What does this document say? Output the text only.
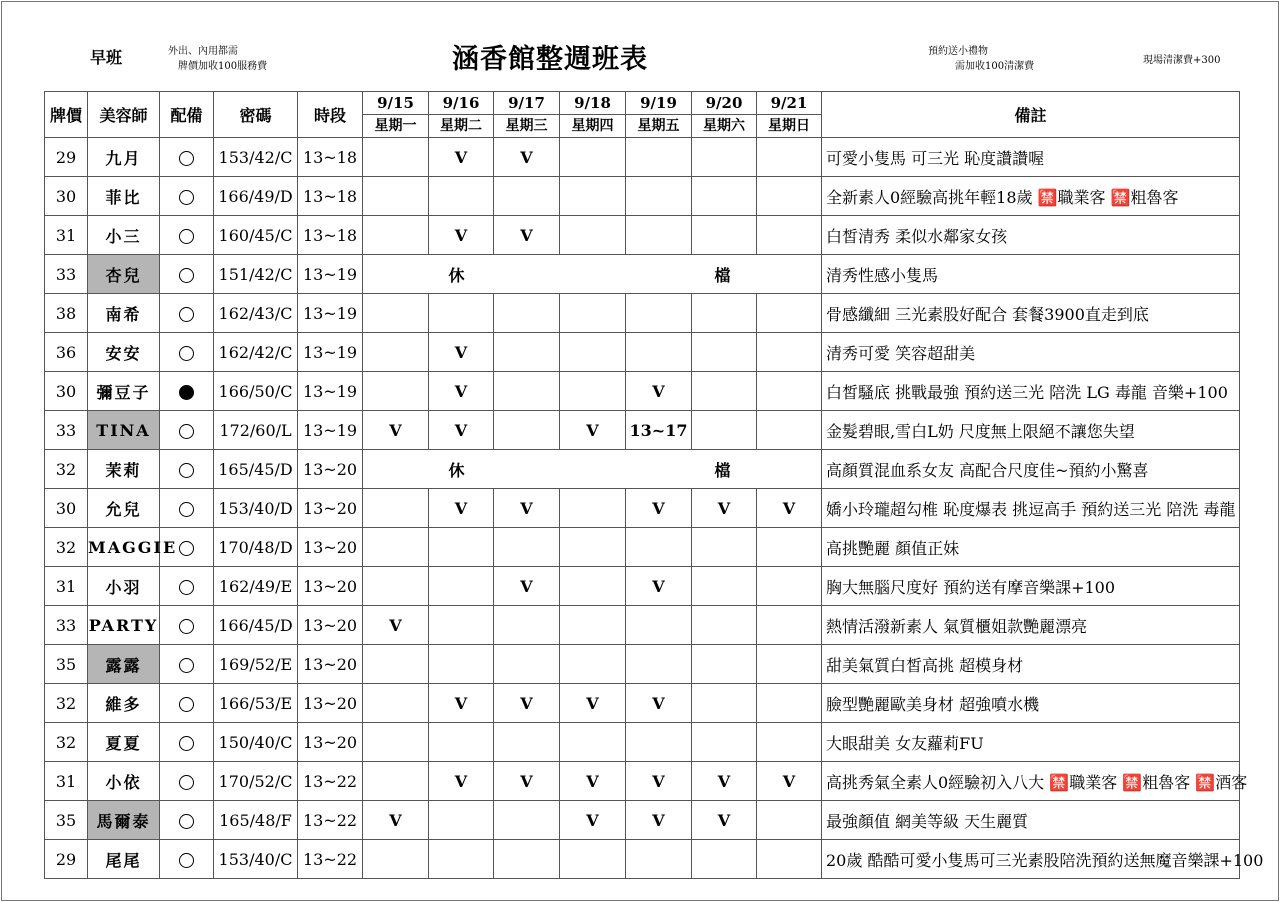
早班	外出、內用都需
牌價加收100服務費	涵香館整週班表	預約送小禮物
需加收100清潔費
現場清潔費+300
牌價	美容師	配備	密碼	時段	9/15	9/16	9/17	9/18	9/19	9/20	9/21	備註
					星期一	星期二	星期三	星期四	星期五	星期六	星期日	
29	九月		153/42/C	13~18		V	V					可愛小隻馬 可三光 恥度讚讚喔
30	菲比		166/49/D	13~18								全新素人0經驗高挑年輕18歲 🈲職業客 🈲粗魯客
31	小三		160/45/C	13~18		V	V					白皙清秀 柔似水鄰家女孩
33	杏兒		151/42/C	13~19	休 檔							清秀性感小隻馬
38	南希		162/43/C	13~19								骨感纖細 三光素股好配合 套餐3900直走到底
36	安安		162/42/C	13~19		V						清秀可愛 笑容超甜美
30	彌豆子		166/50/C	13~19		V			V			白皙騷底 挑戰最強 預約送三光 陪洗 LG 毒龍 音樂+100
33	TINA		172/60/L	13~19	V	V		V	13~17			金髮碧眼,雪白L奶 尺度無上限絕不讓您失望
32	茉莉		165/45/D	13~20	休 檔							高顏質混血系女友 高配合尺度佳~預約小驚喜
30	允兒		153/40/D	13~20		V	V		V	V	V	嬌小玲瓏超勾椎 恥度爆表 挑逗高手 預約送三光 陪洗 毒龍
32	MAGGIE		170/48/D	13~20								高挑艷麗 顏值正妹
31	小羽		162/49/E	13~20			V		V			胸大無腦尺度好 預約送有摩音樂課+100
33	PARTY		166/45/D	13~20	V							熱情活潑新素人 氣質櫃姐款艷麗漂亮
35	露露		169/52/E	13~20								甜美氣質白皙高挑 超模身材
32	維多		166/53/E	13~20		V	V	V	V			臉型艷麗歐美身材 超強噴水機
32	夏夏		150/40/C	13~20								大眼甜美 女友蘿莉FU
31	小依		170/52/C	13~22		V	V	V	V	V	V	高挑秀氣全素人0經驗初入八大 🈲職業客 🈲粗魯客 🈲酒客
35	馬爾泰		165/48/F	13~22	V			V	V	V		最強顏值 網美等級 天生麗質
29	尾尾		153/40/C	13~22								20歲 酷酷可愛小隻馬可三光素股陪洗預約送無魔音樂課+100
